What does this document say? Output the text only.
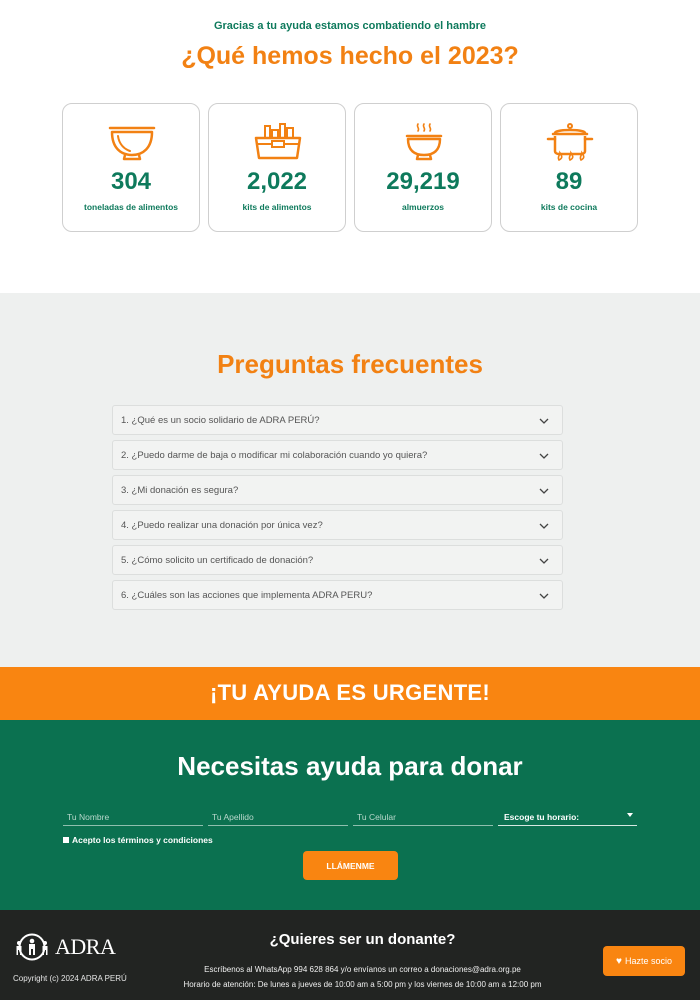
Gracias a tu ayuda estamos combatiendo el hambre
¿Qué hemos hecho el 2023?
304
toneladas de alimentos
2,022
kits de alimentos
29,219
almuerzos
89
kits de cocina
Preguntas frecuentes
1. ¿Qué es un socio solidario de ADRA PERÚ?
2. ¿Puedo darme de baja o modificar mi colaboración cuando yo quiera?
3. ¿Mi donación es segura?
4. ¿Puedo realizar una donación por única vez?
5. ¿Cómo solicito un certificado de donación?
6. ¿Cuáles son las acciones que implementa ADRA PERU?
¡TU AYUDA ES URGENTE!
Necesitas ayuda para donar
Tu Nombre
Tu Apellido
Tu Celular
Escoge tu horario:
Acepto los términos y condiciones
LLÁMENME
ADRA
Copyright (c) 2024 ADRA PERÚ
¿Quieres ser un donante?
Escríbenos al WhatsApp 994 628 864 y/o envíanos un correo a donaciones@adra.org.pe
Horario de atención: De lunes a jueves de 10:00 am a 5:00 pm y los viernes de 10:00 am a 12:00 pm
♥ Hazte socio
